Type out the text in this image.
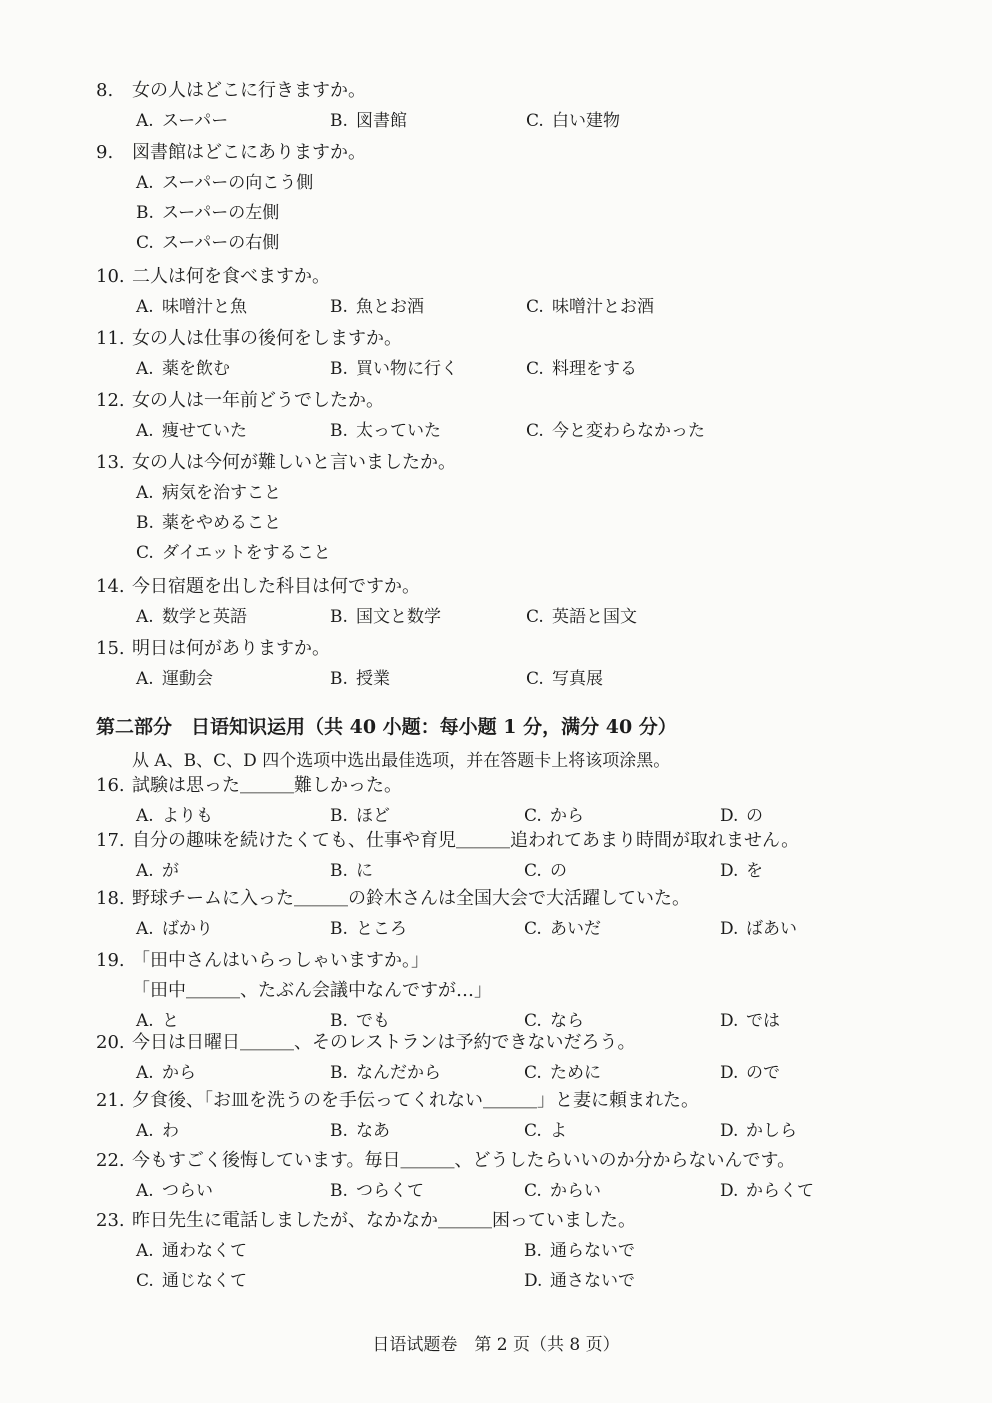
8. 女の人はどこに行きますか。
A. スーパー	B. 図書館	C. 白い建物
9. 図書館はどこにありますか。
A. スーパーの向こう側
B. スーパーの左側
C. スーパーの右側
10. 二人は何を食べますか。
A. 味噌汁と魚	B. 魚とお酒	C. 味噌汁とお酒
11. 女の人は仕事の後何をしますか。
A. 薬を飲む	B. 買い物に行く	C. 料理をする
12. 女の人は一年前どうでしたか。
A. 痩せていた	B. 太っていた	C. 今と変わらなかった
13. 女の人は今何が難しいと言いましたか。
A. 病気を治すこと
B. 薬をやめること
C. ダイエットをすること
14. 今日宿題を出した科目は何ですか。
A. 数学と英語	B. 国文と数学	C. 英語と国文
15. 明日は何がありますか。
A. 運動会	B. 授業	C. 写真展
第二部分　日语知识运用（共 40 小题：每小题 1 分，满分 40 分）
从 A、B、C、D 四个选项中选出最佳选项，并在答题卡上将该项涂黑。
16. 試験は思った＿＿＿難しかった。
A. よりも	B. ほど	C. から	D. の
17. 自分の趣味を続けたくても、仕事や育児＿＿＿追われてあまり時間が取れません。
A. が	B. に	C. の	D. を
18. 野球チームに入った＿＿＿の鈴木さんは全国大会で大活躍していた。
A. ばかり	B. ところ	C. あいだ	D. ばあい
19. 「田中さんはいらっしゃいますか。」
「田中＿＿＿、たぶん会議中なんですが…」
A. と	B. でも	C. なら	D. では
20. 今日は日曜日＿＿＿、そのレストランは予約できないだろう。
A. から	B. なんだから	C. ために	D. ので
21. 夕食後、「お皿を洗うのを手伝ってくれない＿＿＿」と妻に頼まれた。
A. わ	B. なあ	C. よ	D. かしら
22. 今もすごく後悔しています。毎日＿＿＿、どうしたらいいのか分からないんです。
A. つらい	B. つらくて	C. からい	D. からくて
23. 昨日先生に電話しましたが、なかなか＿＿＿困っていました。
A. 通わなくて	B. 通らないで
C. 通じなくて	D. 通さないで
日语试题卷　第 2 页（共 8 页）
